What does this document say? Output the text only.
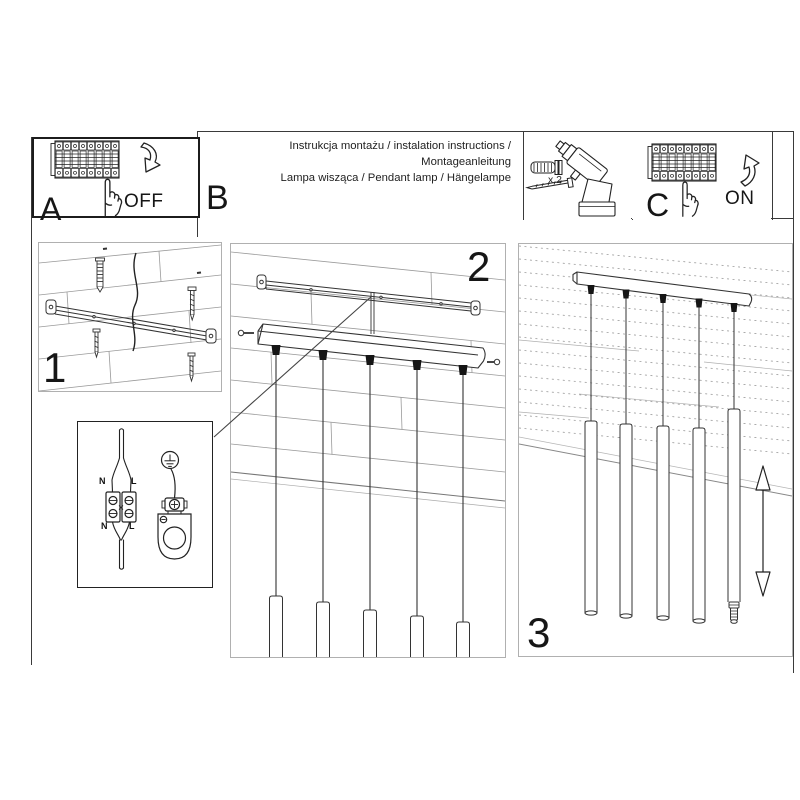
A	OFF
Instrukcja montażu / instalation instructions / Montageanleitung
Lampa wisząca / Pendant lamp / Hängelampe
B	x 2
C	ON
1
N	L
N L
2
3
